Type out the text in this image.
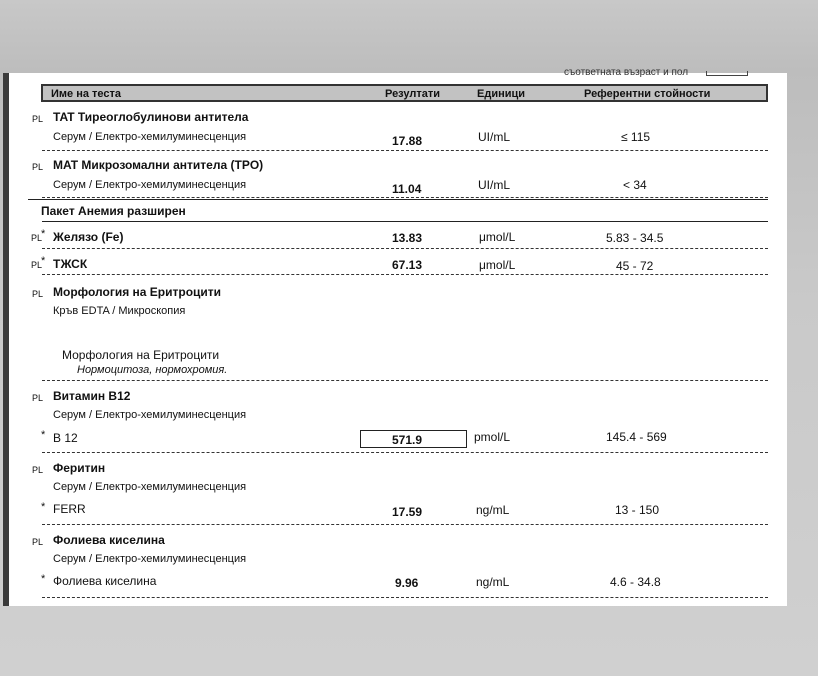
съответната възраст и пол
Име на теста	Резултати	Единици	Референтни стойности
PL TAT Тиреоглобулинови антитела
Серум / Електро-хемилуминесценция	17.88	UI/mL	≤ 115
PL MAT Микрозомални антитела (TPO)
Серум / Електро-хемилуминесценция	11.04	UI/mL	< 34
Пакет Анемия разширен
PL
* Желязо (Fe)	13.83	μmol/L	5.83 - 34.5
PL
* ТЖСК	67.13	μmol/L	45 - 72
PL Морфология на Еритроцити
Кръв EDTA / Микроскопия
Морфология на Еритроцити
Нормоцитоза, нормохромия.
PL Витамин B12
Серум / Електро-хемилуминесценция
* B 12	571.9	pmol/L	145.4 - 569
PL Феритин
Серум / Електро-хемилуминесценция
* FERR	17.59	ng/mL	13 - 150
PL Фолиева киселина
Серум / Електро-хемилуминесценция
* Фолиева киселина	9.96	ng/mL	4.6 - 34.8
